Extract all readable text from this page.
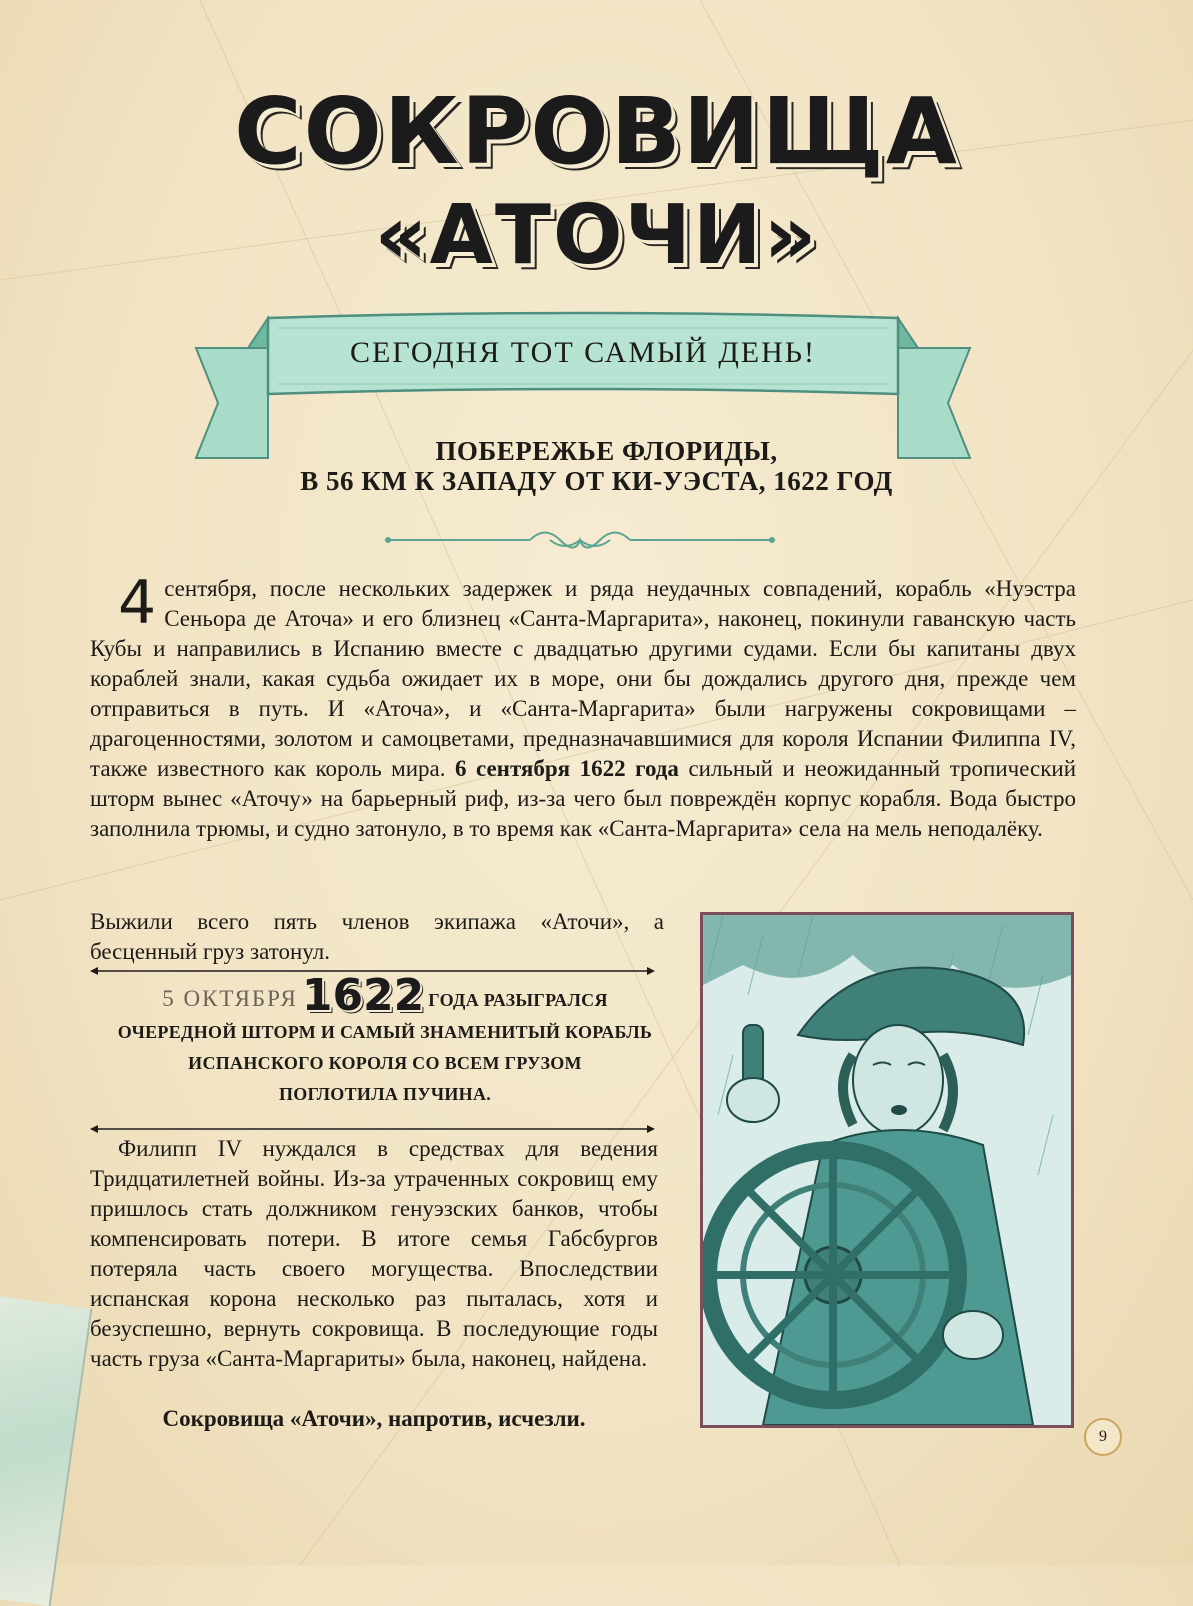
СОКРОВИЩА
«АТОЧИ»
СЕГОДНЯ ТОТ САМЫЙ ДЕНЬ!
ПОБЕРЕЖЬЕ ФЛОРИДЫ,
В 56 КМ К ЗАПАДУ ОТ КИ-УЭСТА, 1622 ГОД

4 сентября, после нескольких задержек и ряда неудачных совпадений, корабль «Нуэстра Сеньора де Аточа» и его близнец «Санта-Маргарита», наконец, покинули гаванскую часть Кубы и направились в Испанию вместе с двадцатью другими судами. Если бы капитаны двух кораблей знали, какая судьба ожидает их в море, они бы дождались другого дня, прежде чем отправиться в путь. И «Аточа», и «Санта-Маргарита» были нагружены сокровищами – драгоценностями, золотом и самоцветами, предназначавшимися для короля Испании Филиппа IV, также известного как король мира. 6 сентября 1622 года сильный и неожиданный тропический шторм вынес «Аточу» на барьерный риф, из-за чего был повреждён корпус корабля. Вода быстро заполнила трюмы, и судно затонуло, в то время как «Санта-Маргарита» села на мель неподалёку.

Выжили всего пять членов экипажа «Аточи», а бесценный груз затонул.

5 ОКТЯБРЯ 1622 ГОДА РАЗЫГРАЛСЯ
ОЧЕРЕДНОЙ ШТОРМ И САМЫЙ ЗНАМЕНИТЫЙ КОРАБЛЬ
ИСПАНСКОГО КОРОЛЯ СО ВСЕМ ГРУЗОМ
ПОГЛОТИЛА ПУЧИНА.

Филипп IV нуждался в средствах для ведения Тридцатилетней войны. Из-за утраченных сокровищ ему пришлось стать должником генуэзских банков, чтобы компенсировать потери. В итоге семья Габсбургов потеряла часть своего могущества. Впоследствии испанская корона несколько раз пыталась, хотя и безуспешно, вернуть сокровища. В последующие годы часть груза «Санта-Маргариты» была, наконец, найдена.

Сокровища «Аточи», напротив, исчезли.
9
